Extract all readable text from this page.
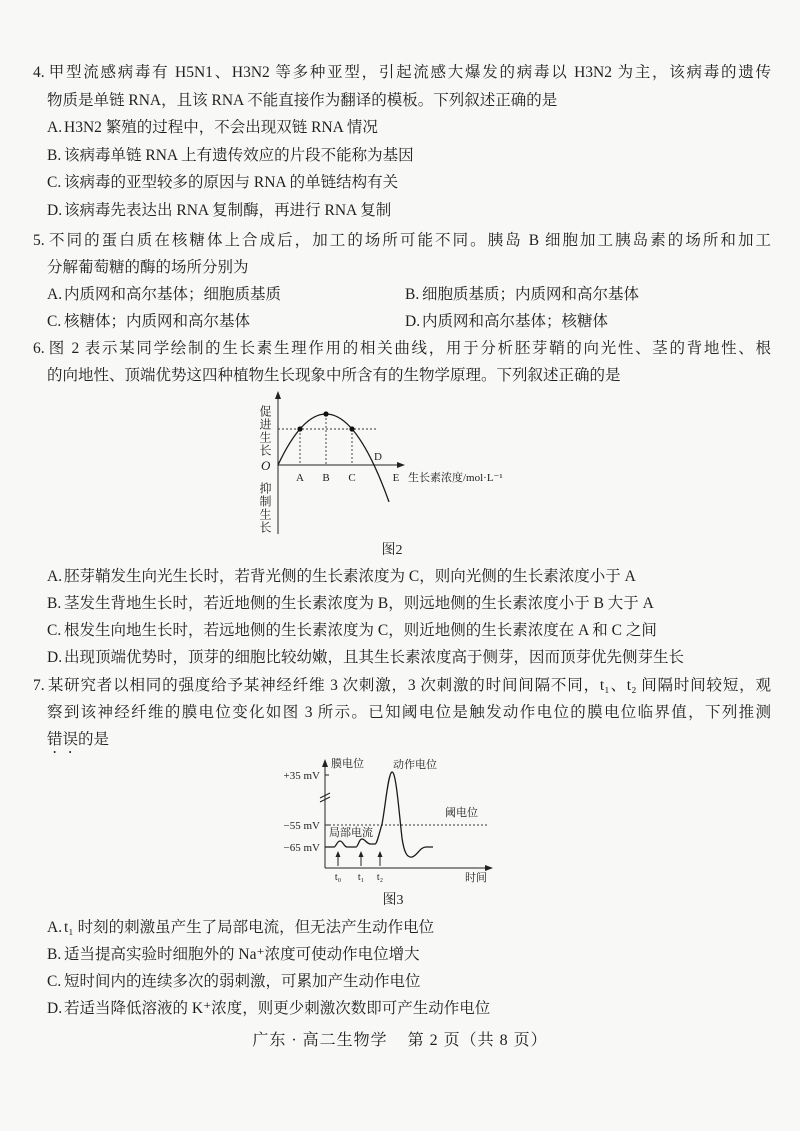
4. 甲型流感病毒有 H5N1、H3N2 等多种亚型，引起流感大爆发的病毒以 H3N2 为主，该病毒的遗传
物质是单链 RNA，且该 RNA 不能直接作为翻译的模板。下列叙述正确的是
A. H3N2 繁殖的过程中，不会出现双链 RNA 情况
B. 该病毒单链 RNA 上有遗传效应的片段不能称为基因
C. 该病毒的亚型较多的原因与 RNA 的单链结构有关
D. 该病毒先表达出 RNA 复制酶，再进行 RNA 复制
5. 不同的蛋白质在核糖体上合成后，加工的场所可能不同。胰岛 B 细胞加工胰岛素的场所和加工
分解葡萄糖的酶的场所分别为
A. 内质网和高尔基体；细胞质基质	B. 细胞质基质；内质网和高尔基体
C. 核糖体；内质网和高尔基体	D. 内质网和高尔基体；核糖体
6. 图 2 表示某同学绘制的生长素生理作用的相关曲线，用于分析胚芽鞘的向光性、茎的背地性、根
的向地性、顶端优势这四种植物生长现象中所含有的生物学原理。下列叙述正确的是
促进生长
抑制生长
O
A B C
D
E 生长素浓度/mol·L⁻¹
图2
A. 胚芽鞘发生向光生长时，若背光侧的生长素浓度为 C，则向光侧的生长素浓度小于 A
B. 茎发生背地生长时，若近地侧的生长素浓度为 B，则远地侧的生长素浓度小于 B 大于 A
C. 根发生向地生长时，若远地侧的生长素浓度为 C，则近地侧的生长素浓度在 A 和 C 之间
D. 出现顶端优势时，顶芽的细胞比较幼嫩，且其生长素浓度高于侧芽，因而顶芽优先侧芽生长
7. 某研究者以相同的强度给予某神经纤维 3 次刺激，3 次刺激的时间间隔不同，t₁、t₂ 间隔时间较短，观
察到该神经纤维的膜电位变化如图 3 所示。已知阈电位是触发动作电位的膜电位临界值，下列推测
错误的是
膜电位
+35 mV
−55 mV
−65 mV
阈电位
局部电流
动作电位
t₀ t₁ t₂	时间
图3
A. t₁ 时刻的刺激虽产生了局部电流，但无法产生动作电位
B. 适当提高实验时细胞外的 Na⁺浓度可使动作电位增大
C. 短时间内的连续多次的弱刺激，可累加产生动作电位
D. 若适当降低溶液的 K⁺浓度，则更少刺激次数即可产生动作电位
广东 · 高二生物学 第 2 页（共 8 页）
